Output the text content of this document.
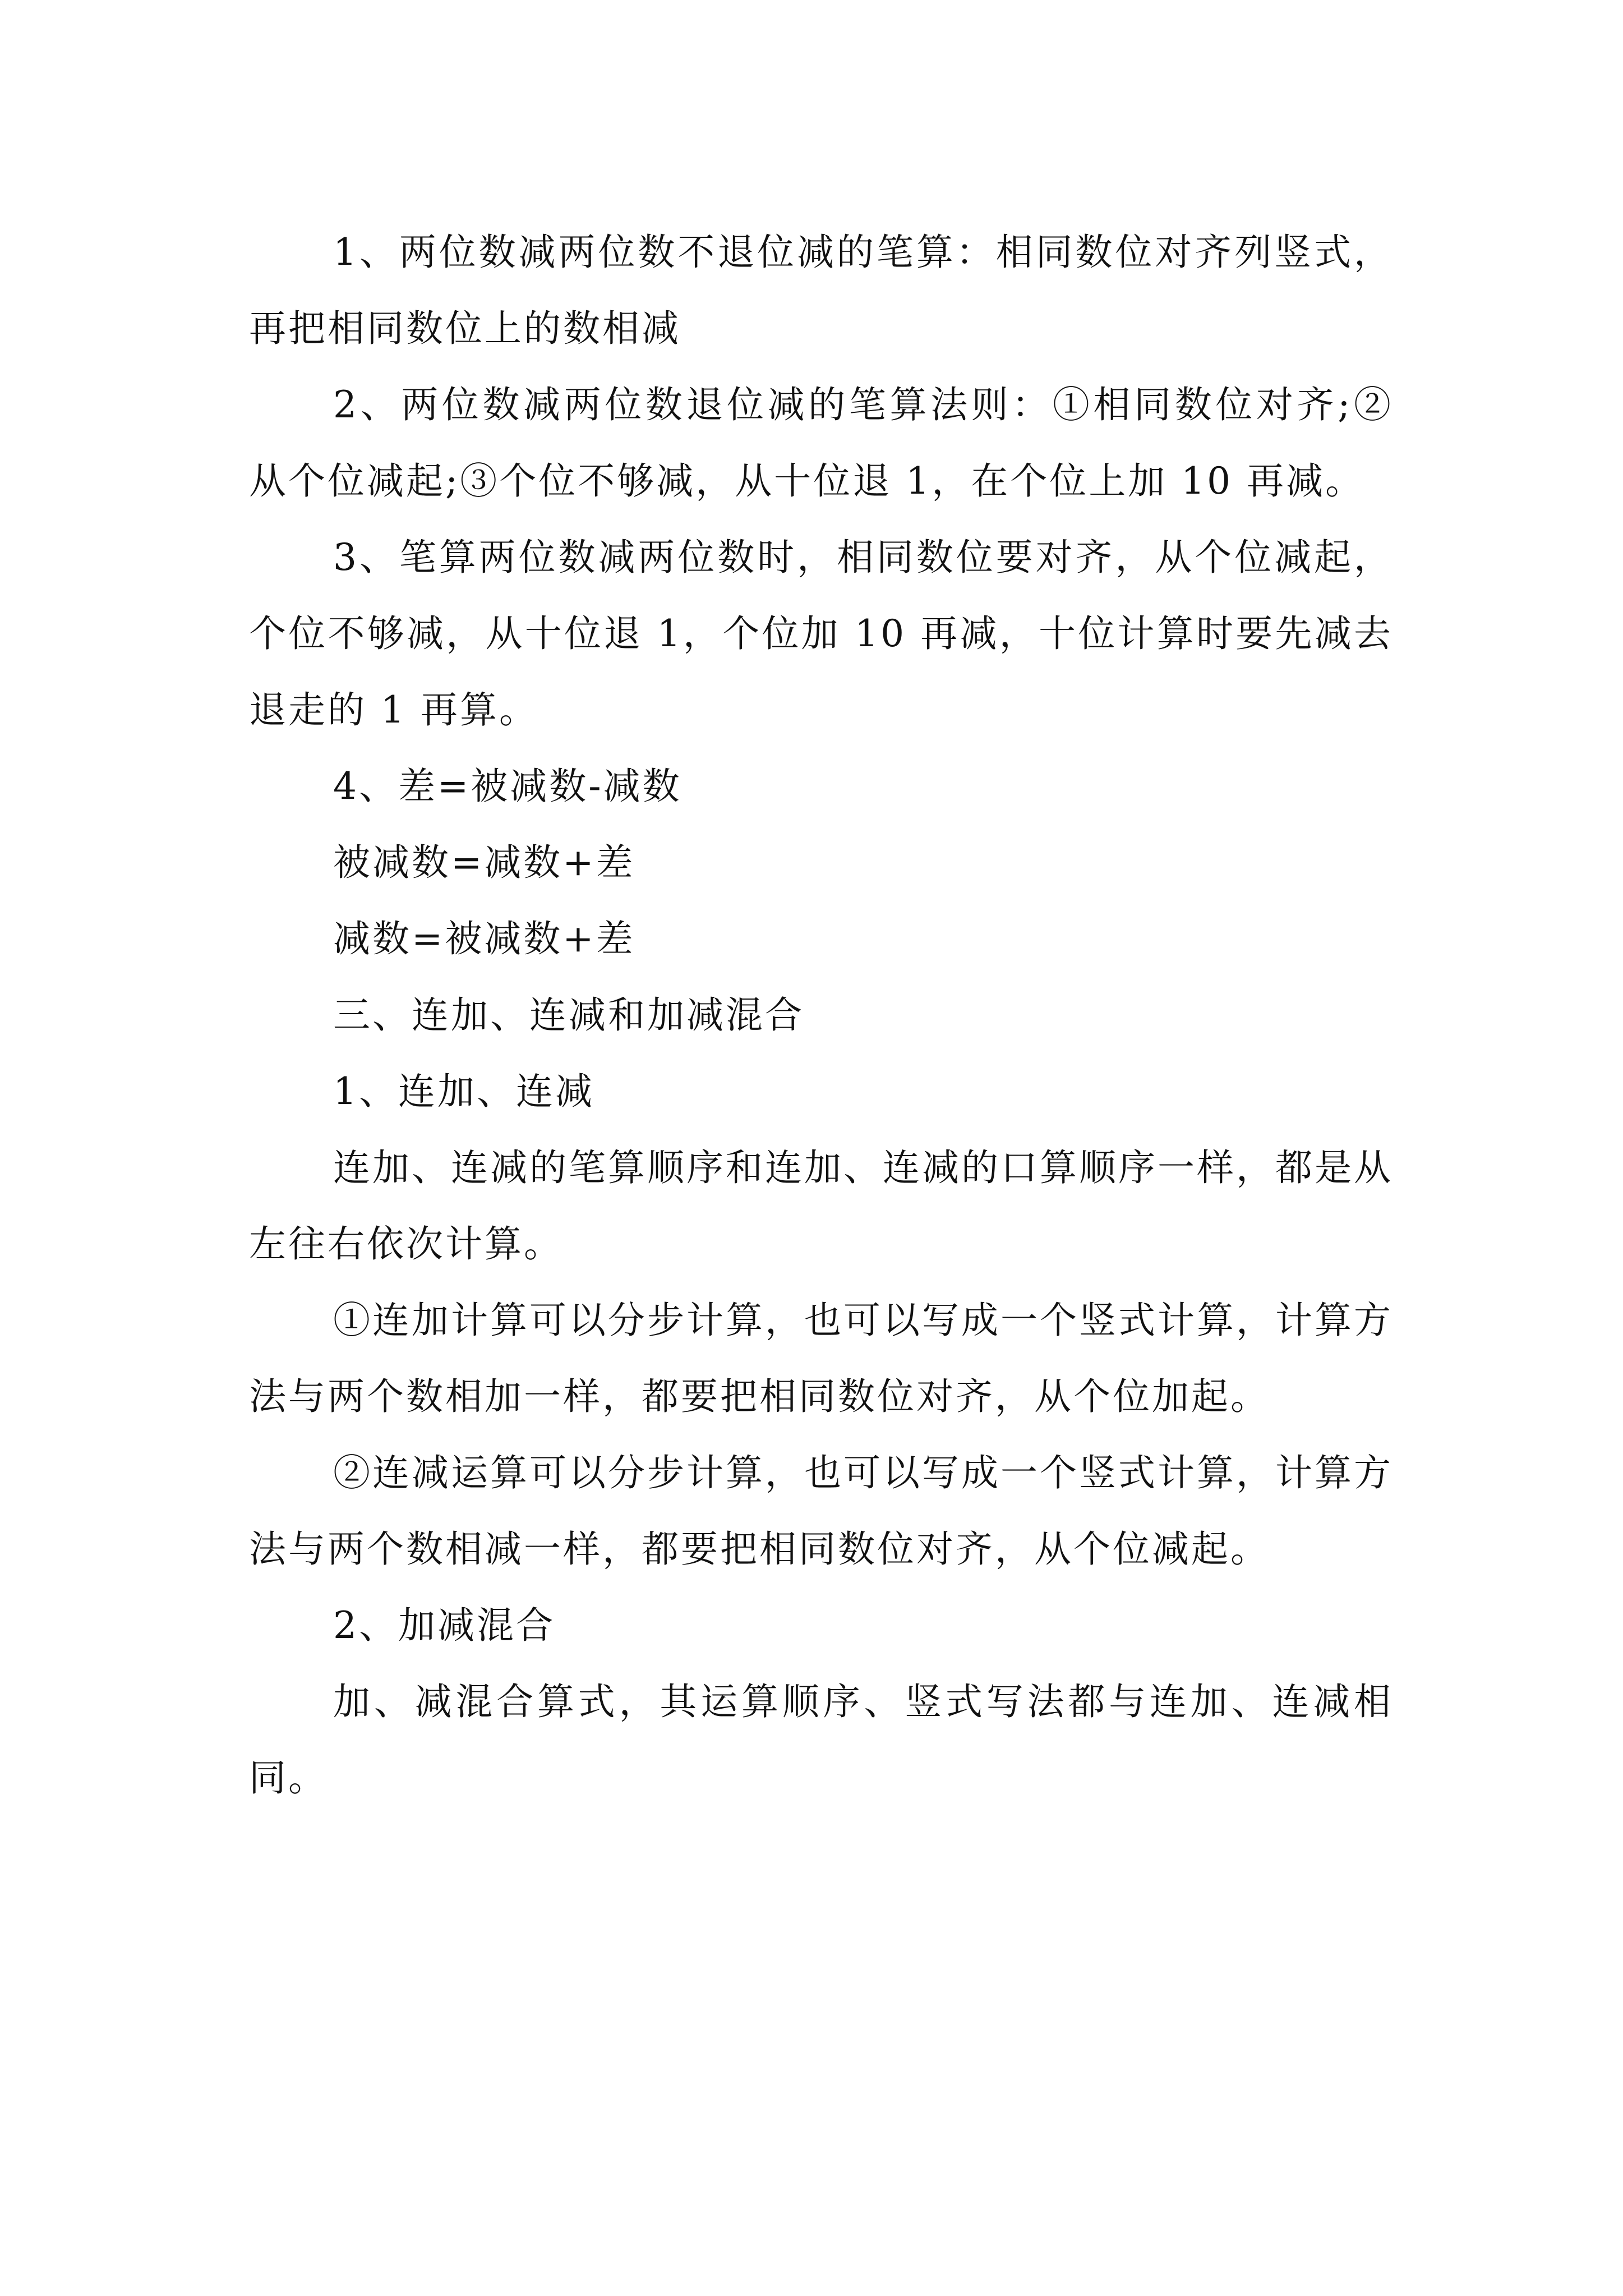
1、两位数减两位数不退位减的笔算：相同数位对齐列竖式，再把相同数位上的数相减

2、两位数减两位数退位减的笔算法则：①相同数位对齐;②从个位减起;③个位不够减，从十位退 1，在个位上加 10 再减。

3、笔算两位数减两位数时，相同数位要对齐，从个位减起，个位不够减，从十位退 1，个位加 10 再减，十位计算时要先减去退走的 1 再算。

4、差=被减数-减数

被减数=减数+差

减数=被减数+差

三、连加、连减和加减混合

1、连加、连减

连加、连减的笔算顺序和连加、连减的口算顺序一样，都是从左往右依次计算。

①连加计算可以分步计算，也可以写成一个竖式计算，计算方法与两个数相加一样，都要把相同数位对齐，从个位加起。

②连减运算可以分步计算，也可以写成一个竖式计算，计算方法与两个数相减一样，都要把相同数位对齐，从个位减起。

2、加减混合

加、减混合算式，其运算顺序、竖式写法都与连加、连减相同。
